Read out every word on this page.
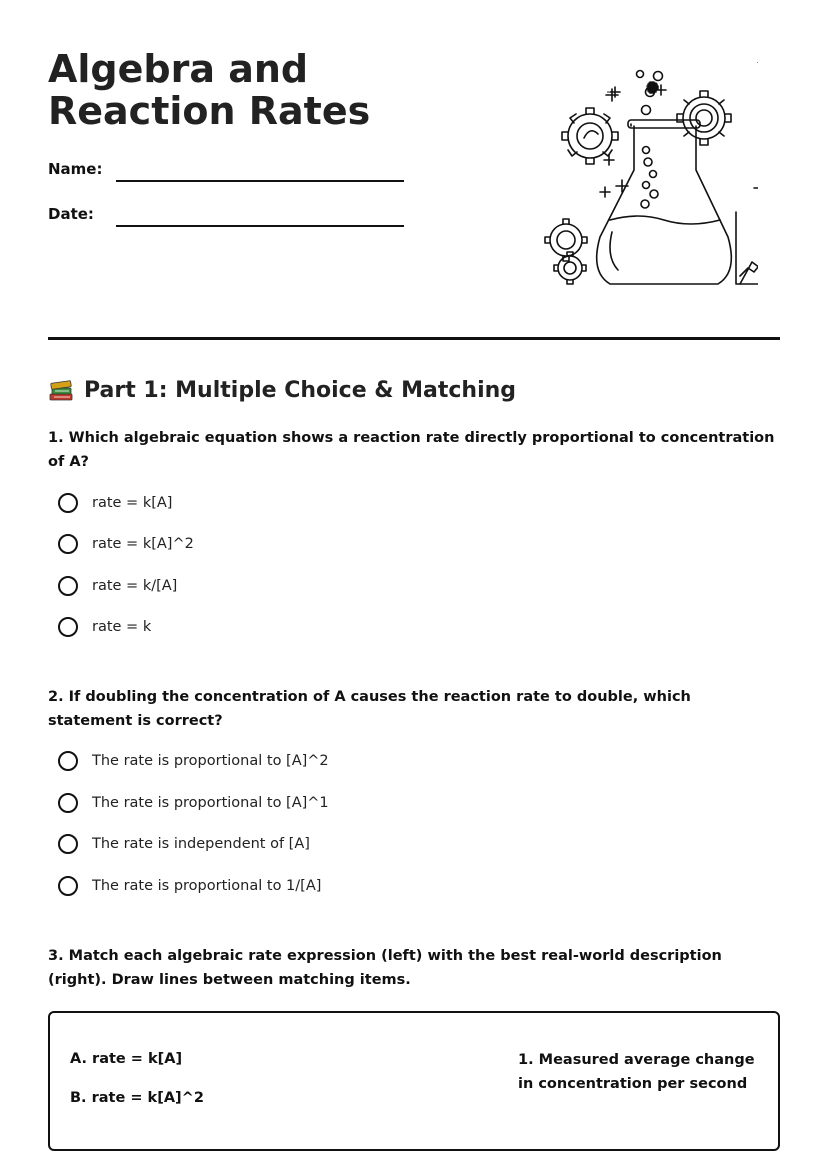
Algebra and Reaction Rates
Name:
Date:
Part 1: Multiple Choice & Matching
1. Which algebraic equation shows a reaction rate directly proportional to concentration of A?
rate = k[A]
rate = k[A]^2
rate = k/[A]
rate = k
2. If doubling the concentration of A causes the reaction rate to double, which statement is correct?
The rate is proportional to [A]^2
The rate is proportional to [A]^1
The rate is independent of [A]
The rate is proportional to 1/[A]
3. Match each algebraic rate expression (left) with the best real-world description (right). Draw lines between matching items.
A. rate = k[A]
B. rate = k[A]^2
1. Measured average change in concentration per second
